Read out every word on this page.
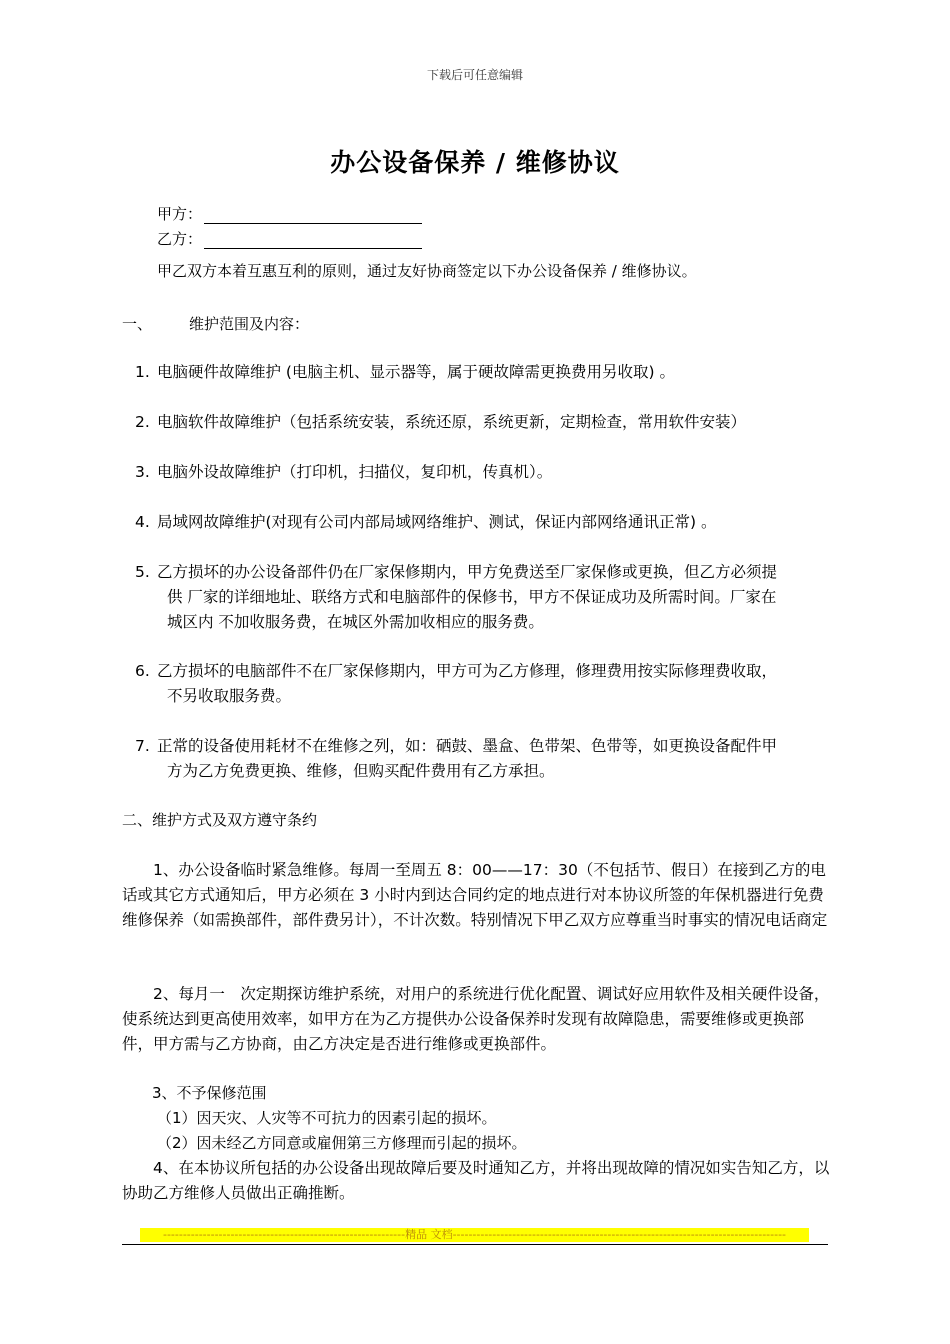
下载后可任意编辑
办公设备保养 / 维修协议
甲方：
乙方：
甲乙双方本着互惠互利的原则，通过友好协商签定以下办公设备保养 / 维修协议。
一、 维护范围及内容：
1. 电脑硬件故障维护 (电脑主机、显示器等，属于硬故障需更换费用另收取) 。
2. 电脑软件故障维护（包括系统安装，系统还原，系统更新，定期检查，常用软件安装）
3. 电脑外设故障维护（打印机，扫描仪，复印机，传真机）。
4. 局域网故障维护(对现有公司内部局域网络维护、测试，保证内部网络通讯正常) 。
5. 乙方损坏的办公设备部件仍在厂家保修期内，甲方免费送至厂家保修或更换，但乙方必须提
供 厂家的详细地址、联络方式和电脑部件的保修书，甲方不保证成功及所需时间。厂家在
城区内 不加收服务费，在城区外需加收相应的服务费。
6. 乙方损坏的电脑部件不在厂家保修期内，甲方可为乙方修理，修理费用按实际修理费收取，
不另收取服务费。
7. 正常的设备使用耗材不在维修之列，如：硒鼓、墨盒、色带架、色带等，如更换设备配件甲
方为乙方免费更换、维修，但购买配件费用有乙方承担。
二、维护方式及双方遵守条约
　　1、办公设备临时紧急维修。每周一至周五 8：00——17：30（不包括节、假日）在接到乙方的电话或其它方式通知后，甲方必须在 3 小时内到达合同约定的地点进行对本协议所签的年保机器进行免费维修保养（如需换部件，部件费另计），不计次数。特别情况下甲乙双方应尊重当时事实的情况电话商定
　　2、每月一　次定期探访维护系统，对用户的系统进行优化配置、调试好应用软件及相关硬件设备，使系统达到更高使用效率，如甲方在为乙方提供办公设备保养时发现有故障隐患，需要维修或更换部件，甲方需与乙方协商，由乙方决定是否进行维修或更换部件。
　　3、不予保修范围
（1）因天灾、人灾等不可抗力的因素引起的损坏。
（2）因未经乙方同意或雇佣第三方修理而引起的损坏。
　　4、在本协议所包括的办公设备出现故障后要及时通知乙方，并将出现故障的情况如实告知乙方，以协助乙方维修人员做出正确推断。
-------------------------------------------------------------精品 文档------------------------------------------------------------------------------------
